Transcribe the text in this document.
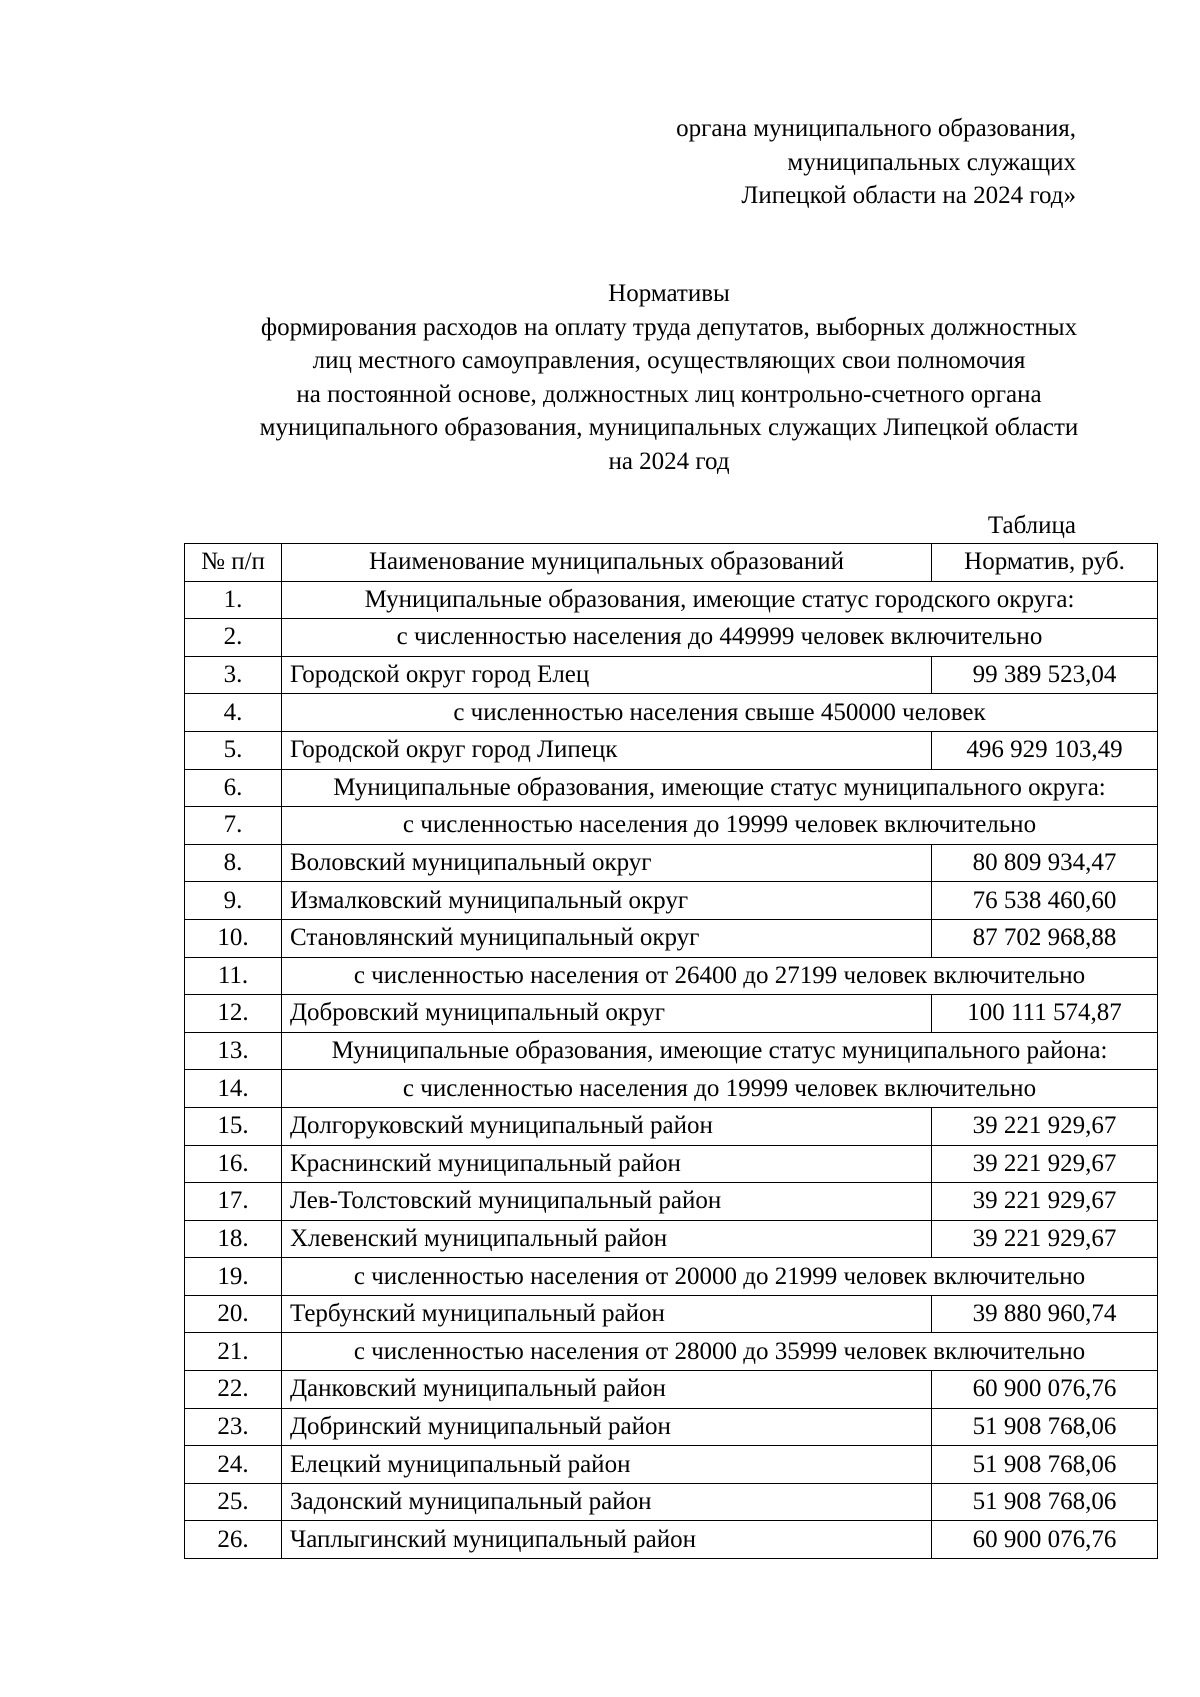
органа муниципального образования,
муниципальных служащих
Липецкой области на 2024 год»
Нормативы
формирования расходов на оплату труда депутатов, выборных должностных
лиц местного самоуправления, осуществляющих свои полномочия
на постоянной основе, должностных лиц контрольно-счетного органа
муниципального образования, муниципальных служащих Липецкой области
на 2024 год
Таблица
№ п/п	Наименование муниципальных образований	Норматив, руб.
1.	Муниципальные образования, имеющие статус городского округа:	
2.	с численностью населения до 449999 человек включительно	
3.	Городской округ город Елец	99 389 523,04
4.	с численностью населения свыше 450000 человек	
5.	Городской округ город Липецк	496 929 103,49
6.	Муниципальные образования, имеющие статус муниципального округа:	
7.	с численностью населения до 19999 человек включительно	
8.	Воловский муниципальный округ	80 809 934,47
9.	Измалковский муниципальный округ	76 538 460,60
10.	Становлянский муниципальный округ	87 702 968,88
11.	с численностью населения от 26400 до 27199 человек включительно	
12.	Добровский муниципальный округ	100 111 574,87
13.	Муниципальные образования, имеющие статус муниципального района:	
14.	с численностью населения до 19999 человек включительно	
15.	Долгоруковский муниципальный район	39 221 929,67
16.	Краснинский муниципальный район	39 221 929,67
17.	Лев-Толстовский муниципальный район	39 221 929,67
18.	Хлевенский муниципальный район	39 221 929,67
19.	с численностью населения от 20000 до 21999 человек включительно	
20.	Тербунский муниципальный район	39 880 960,74
21.	с численностью населения от 28000 до 35999 человек включительно	
22.	Данковский муниципальный район	60 900 076,76
23.	Добринский муниципальный район	51 908 768,06
24.	Елецкий муниципальный район	51 908 768,06
25.	Задонский муниципальный район	51 908 768,06
26.	Чаплыгинский муниципальный район	60 900 076,76
